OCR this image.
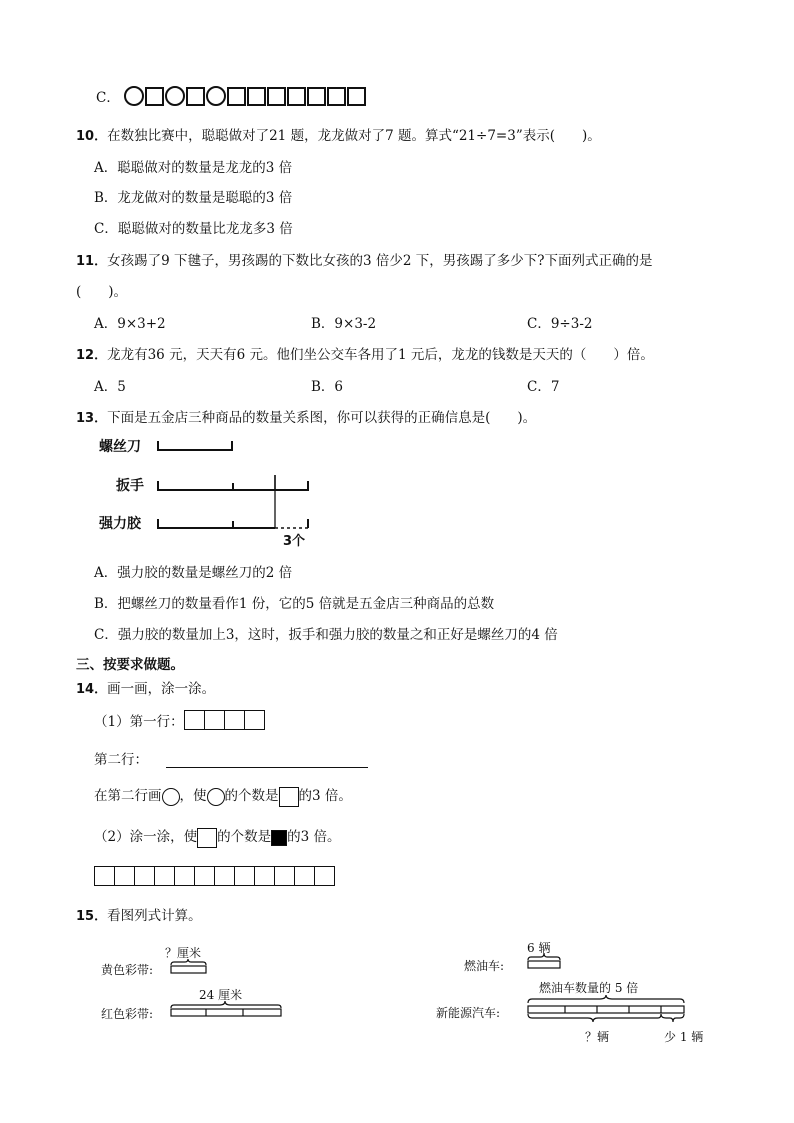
C．
10．在数独比赛中，聪聪做对了21 题，龙龙做对了7 题。算式“21÷7=3”表示(　　)。
A．聪聪做对的数量是龙龙的3 倍
B．龙龙做对的数量是聪聪的3 倍
C．聪聪做对的数量比龙龙多3 倍
11．女孩踢了9 下毽子，男孩踢的下数比女孩的3 倍少2 下，男孩踢了多少下?下面列式正确的是
(　　)。
A．9×3+2	B．9×3-2	C．9÷3-2
12．龙龙有36 元，天天有6 元。他们坐公交车各用了1 元后，龙龙的钱数是天天的（　　）倍。
A．5	B．6	C．7
13．下面是五金店三种商品的数量关系图，你可以获得的正确信息是(　　)。
螺丝刀
扳手
强力胶
3个
A．强力胶的数量是螺丝刀的2 倍
B．把螺丝刀的数量看作1 份，它的5 倍就是五金店三种商品的总数
C．强力胶的数量加上3，这时，扳手和强力胶的数量之和正好是螺丝刀的4 倍
三、按要求做题。
14．画一画，涂一涂。
（1）第一行：
第二行：
在第二行画 ，使 的个数是 的3 倍。
（2）涂一涂，使 的个数是 的3 倍。
15．看图列式计算。
？厘米
黄色彩带:
24 厘米
红色彩带:
6 辆
燃油车:
燃油车数量的 5 倍
新能源汽车:
？辆	少 1 辆
